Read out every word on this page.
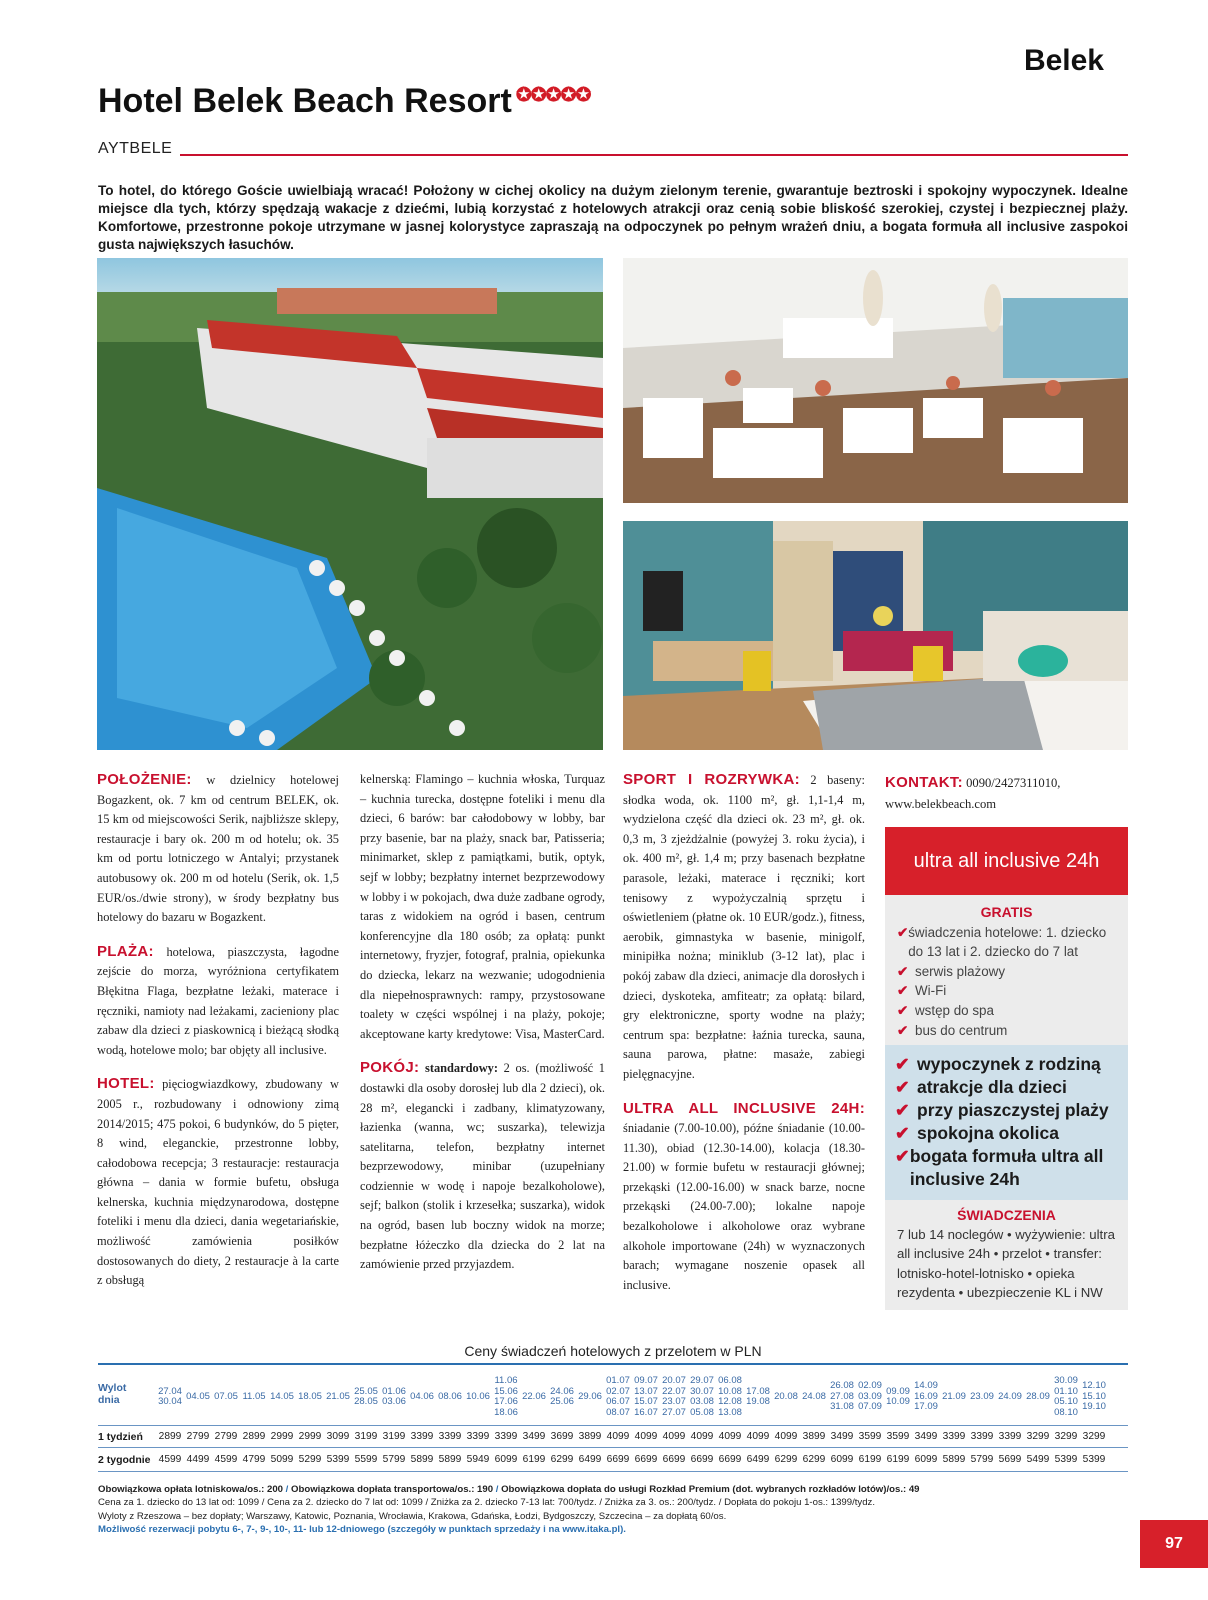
Belek
Hotel Belek Beach Resort ✪✪✪✪✪
AYTBELE
To hotel, do którego Goście uwielbiają wracać! Położony w cichej okolicy na dużym zielonym terenie, gwarantuje beztroski i spokojny wypoczynek. Idealne miejsce dla tych, którzy spędzają wakacje z dziećmi, lubią korzystać z hotelowych atrakcji oraz cenią sobie bliskość szerokiej, czystej i bezpiecznej plaży. Komfortowe, przestronne pokoje utrzymane w jasnej kolorystyce zapraszają na odpoczynek po pełnym wrażeń dniu, a bogata formuła all inclusive zaspokoi gusta największych łasuchów.
POŁOŻENIE: w dzielnicy hotelowej Bogazkent, ok. 7 km od centrum BELEK, ok. 15 km od miejscowości Serik, najbliższe sklepy, restauracje i bary ok. 200 m od hotelu; ok. 35 km od portu lotniczego w Antalyi; przystanek autobusowy ok. 200 m od hotelu (Serik, ok. 1,5 EUR/os./dwie strony), w środy bezpłatny bus hotelowy do bazaru w Bogazkent.
PLAŻA: hotelowa, piaszczysta, łagodne zejście do morza, wyróżniona certyfikatem Błękitna Flaga, bezpłatne leżaki, materace i ręczniki, namioty nad leżakami, zacieniony plac zabaw dla dzieci z piaskownicą i bieżącą słodką wodą, hotelowe molo; bar objęty all inclusive.
HOTEL: pięciogwiazdkowy, zbudowany w 2005 r., rozbudowany i odnowiony zimą 2014/2015; 475 pokoi, 6 budynków, do 5 pięter, 8 wind, eleganckie, przestronne lobby, całodobowa recepcja; 3 restauracje: restauracja główna – dania w formie bufetu, obsługa kelnerska, kuchnia międzynarodowa, dostępne foteliki i menu dla dzieci, dania wegetariańskie, możliwość zamówienia posiłków dostosowanych do diety, 2 restauracje à la carte z obsługą
kelnerską: Flamingo – kuchnia włoska, Turquaz – kuchnia turecka, dostępne foteliki i menu dla dzieci, 6 barów: bar całodobowy w lobby, bar przy basenie, bar na plaży, snack bar, Patisseria; minimarket, sklep z pamiątkami, butik, optyk, sejf w lobby; bezpłatny internet bezprzewodowy w lobby i w pokojach, dwa duże zadbane ogrody, taras z widokiem na ogród i basen, centrum konferencyjne dla 180 osób; za opłatą: punkt internetowy, fryzjer, fotograf, pralnia, opiekunka do dziecka, lekarz na wezwanie; udogodnienia dla niepełnosprawnych: rampy, przystosowane toalety w części wspólnej i na plaży, pokoje; akceptowane karty kredytowe: Visa, MasterCard.
POKÓJ: standardowy: 2 os. (możliwość 1 dostawki dla osoby dorosłej lub dla 2 dzieci), ok. 28 m², elegancki i zadbany, klimatyzowany, łazienka (wanna, wc; suszarka), telewizja satelitarna, telefon, bezpłatny internet bezprzewodowy, minibar (uzupełniany codziennie w wodę i napoje bezalkoholowe), sejf; balkon (stolik i krzesełka; suszarka), widok na ogród, basen lub boczny widok na morze; bezpłatne łóżeczko dla dziecka do 2 lat na zamówienie przed przyjazdem.
SPORT I ROZRYWKA: 2 baseny: słodka woda, ok. 1100 m², gł. 1,1-1,4 m, wydzielona część dla dzieci ok. 23 m², gł. ok. 0,3 m, 3 zjeżdżalnie (powyżej 3. roku życia), i ok. 400 m², gł. 1,4 m; przy basenach bezpłatne parasole, leżaki, materace i ręczniki; kort tenisowy z wypożyczalnią sprzętu i oświetleniem (płatne ok. 10 EUR/godz.), fitness, aerobik, gimnastyka w basenie, minigolf, minipiłka nożna; miniklub (3-12 lat), plac i pokój zabaw dla dzieci, animacje dla dorosłych i dzieci, dyskoteka, amfiteatr; za opłatą: bilard, gry elektroniczne, sporty wodne na plaży; centrum spa: bezpłatne: łaźnia turecka, sauna, sauna parowa, płatne: masaże, zabiegi pielęgnacyjne.
ULTRA ALL INCLUSIVE 24H: śniadanie (7.00-10.00), późne śniadanie (10.00-11.30), obiad (12.30-14.00), kolacja (18.30-21.00) w formie bufetu w restauracji głównej; przekąski (12.00-16.00) w snack barze, nocne przekąski (24.00-7.00); lokalne napoje bezalkoholowe i alkoholowe oraz wybrane alkohole importowane (24h) w wyznaczonych barach; wymagane noszenie opasek all inclusive.
KONTAKT: 0090/2427311010, www.belekbeach.com
ultra all inclusive 24h
GRATIS
✔ świadczenia hotelowe: 1. dziecko do 13 lat i 2. dziecko do 7 lat
✔ serwis plażowy
✔ Wi-Fi
✔ wstęp do spa
✔ bus do centrum
✔ wypoczynek z rodziną
✔ atrakcje dla dzieci
✔ przy piaszczystej plaży
✔ spokojna okolica
✔ bogata formuła ultra all inclusive 24h
ŚWIADCZENIA
7 lub 14 noclegów • wyżywienie: ultra all inclusive 24h • przelot • transfer: lotnisko-hotel-lotnisko • opieka rezydenta • ubezpieczenie KL i NW
Ceny świadczeń hotelowych z przelotem w PLN
Wylot dnia
27.04
30.04 04.05 07.05 11.05 14.05 18.05 21.05 25.05
28.05
01.06
03.06 04.06 08.06 10.06
11.06
15.06
17.06
18.06
22.06 24.06
25.06 29.06
01.07
02.07
06.07
08.07
09.07
13.07
15.07
16.07
20.07
22.07
23.07
27.07
29.07
30.07
03.08
05.08
06.08
10.08
12.08
13.08
17.08
19.08 20.08 24.08
26.08
27.08
31.08
02.09
03.09
07.09
09.09
10.09
14.09
16.09
17.09
21.09 23.09 24.09 28.09
30.09
01.10
05.10
08.10
12.10
15.10
19.10
1 tydzień 2899 2799 2799 2899 2999 2999 3099 3199 3199 3399 3399 3399 3399 3499 3699 3899 4099 4099 4099 4099 4099 4099 4099 3899 3499 3599 3599 3499 3399 3399 3399 3299 3299 3299
2 tygodnie 4599 4499 4599 4799 5099 5299 5399 5599 5799 5899 5899 5949 6099 6199 6299 6499 6699 6699 6699 6699 6699 6499 6299 6299 6099 6199 6199 6099 5899 5799 5699 5499 5399 5399
Obowiązkowa opłata lotniskowa/os.: 200 / Obowiązkowa dopłata transportowa/os.: 190 / Obowiązkowa dopłata do usługi Rozkład Premium (dot. wybranych rozkładów lotów)/os.: 49
Cena za 1. dziecko do 13 lat od: 1099 / Cena za 2. dziecko do 7 lat od: 1099 / Zniżka za 2. dziecko 7-13 lat: 700/tydz. / Zniżka za 3. os.: 200/tydz. / Dopłata do pokoju 1-os.: 1399/tydz.
Wyloty z Rzeszowa – bez dopłaty; Warszawy, Katowic, Poznania, Wrocławia, Krakowa, Gdańska, Łodzi, Bydgoszczy, Szczecina – za dopłatą 60/os.
Możliwość rezerwacji pobytu 6-, 7-, 9-, 10-, 11- lub 12-dniowego (szczegóły w punktach sprzedaży i na www.itaka.pl).
97
